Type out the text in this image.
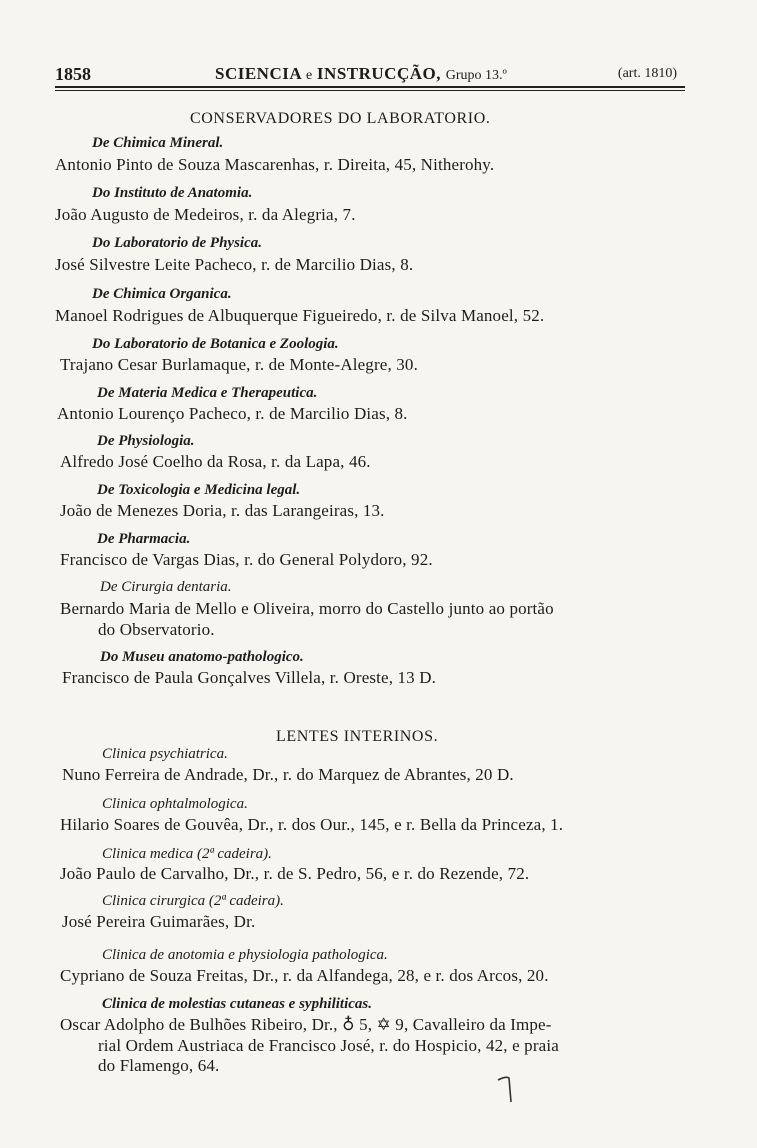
1858	SCIENCIA e INSTRUCÇÃO, Grupo 13.º	(art. 1810)
CONSERVADORES DO LABORATORIO.
De Chimica Mineral.
Antonio Pinto de Souza Mascarenhas, r. Direita, 45, Nitherohy.
Do Instituto de Anatomia.
João Augusto de Medeiros, r. da Alegria, 7.
Do Laboratorio de Physica.
José Silvestre Leite Pacheco, r. de Marcilio Dias, 8.
De Chimica Organica.
Manoel Rodrigues de Albuquerque Figueiredo, r. de Silva Manoel, 52.
Do Laboratorio de Botanica e Zoologia.
Trajano Cesar Burlamaque, r. de Monte-Alegre, 30.
De Materia Medica e Therapeutica.
Antonio Lourenço Pacheco, r. de Marcilio Dias, 8.
De Physiologia.
Alfredo José Coelho da Rosa, r. da Lapa, 46.
De Toxicologia e Medicina legal.
João de Menezes Doria, r. das Larangeiras, 13.
De Pharmacia.
Francisco de Vargas Dias, r. do General Polydoro, 92.
De Cirurgia dentaria.
Bernardo Maria de Mello e Oliveira, morro do Castello junto ao portão
do Observatorio.
Do Museu anatomo-pathologico.
Francisco de Paula Gonçalves Villela, r. Oreste, 13 D.
LENTES INTERINOS.
Clinica psychiatrica.
Nuno Ferreira de Andrade, Dr., r. do Marquez de Abrantes, 20 D.
Clinica ophtalmologica.
Hilario Soares de Gouvêa, Dr., r. dos Our., 145, e r. Bella da Princeza, 1.
Clinica medica (2ª cadeira).
João Paulo de Carvalho, Dr., r. de S. Pedro, 56, e r. do Rezende, 72.
Clinica cirurgica (2ª cadeira).
José Pereira Guimarães, Dr.
Clinica de anotomia e physiologia pathologica.
Cypriano de Souza Freitas, Dr., r. da Alfandega, 28, e r. dos Arcos, 20.
Clinica de molestias cutaneas e syphiliticas.
Oscar Adolpho de Bulhões Ribeiro, Dr., ♁ 5, ✡ 9, Cavalleiro da Impe-
rial Ordem Austriaca de Francisco José, r. do Hospicio, 42, e praia
do Flamengo, 64.
